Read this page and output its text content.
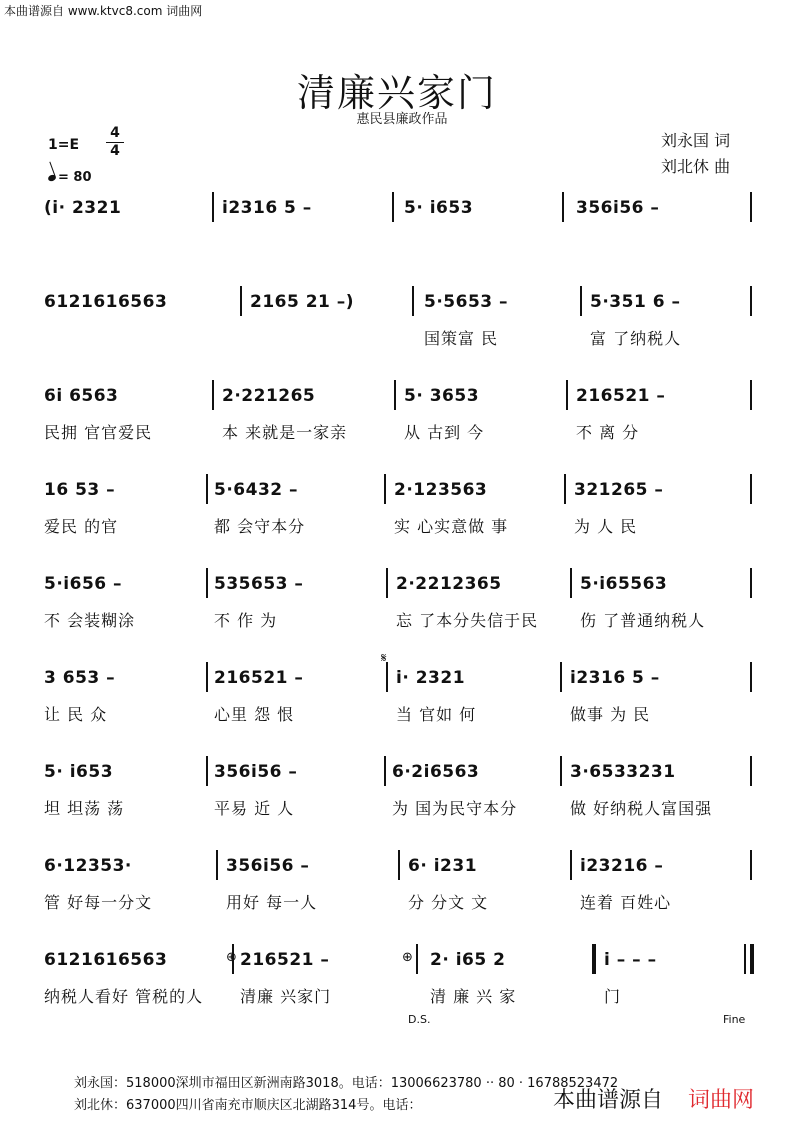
本曲谱源自 www.ktvc8.com 词曲网
清廉兴家门
惠民县廉政作品
1=E
4
4
= 80
刘永国 词
刘北休 曲
(i· 2321	i2316 5 –	5· i653	356i56 –
6121616563	2165 21 –)	5·5653 –
国策富 民
5·351 6 –
富 了纳税人
6i 6563
民拥 官官爱民
2·221265
本 来就是一家亲
5· 3653
从 古到 今
216521 –
不 离 分
16 53 –
爱民 的官
5·6432 –
都 会守本分
2·123563
实 心实意做 事
321265 –
为 人 民
5·i656 –
不 会装糊涂
535653 –
不 作 为
2·2212365
忘 了本分失信于民
5·i65563
伤 了普通纳税人
3 653 –
让 民 众
216521 –
心里 怨 恨
i· 2321
当 官如 何
i2316 5 –
做事 为 民
5· i653
坦 坦荡 荡
356i56 –
平易 近 人
6·2i6563
为 国为民守本分
3·6533231
做 好纳税人富国强
6·12353·
管 好每一分文
356i56 –
用好 每一人
6· i231
分 分文 文
i23216 –
连着 百姓心
6121616563
纳税人看好 管税的人
216521 –
清廉 兴家门
2· i65 2
清 廉 兴 家
i – – –
门
𝄋
⊕	⊕
D.S.	Fine
刘永国：518000深圳市福田区新洲南路3018。电话：13006623780 ·· 80 · 16788523472
刘北休：637000四川省南充市顺庆区北湖路314号。电话：	本曲谱源自 词曲网
